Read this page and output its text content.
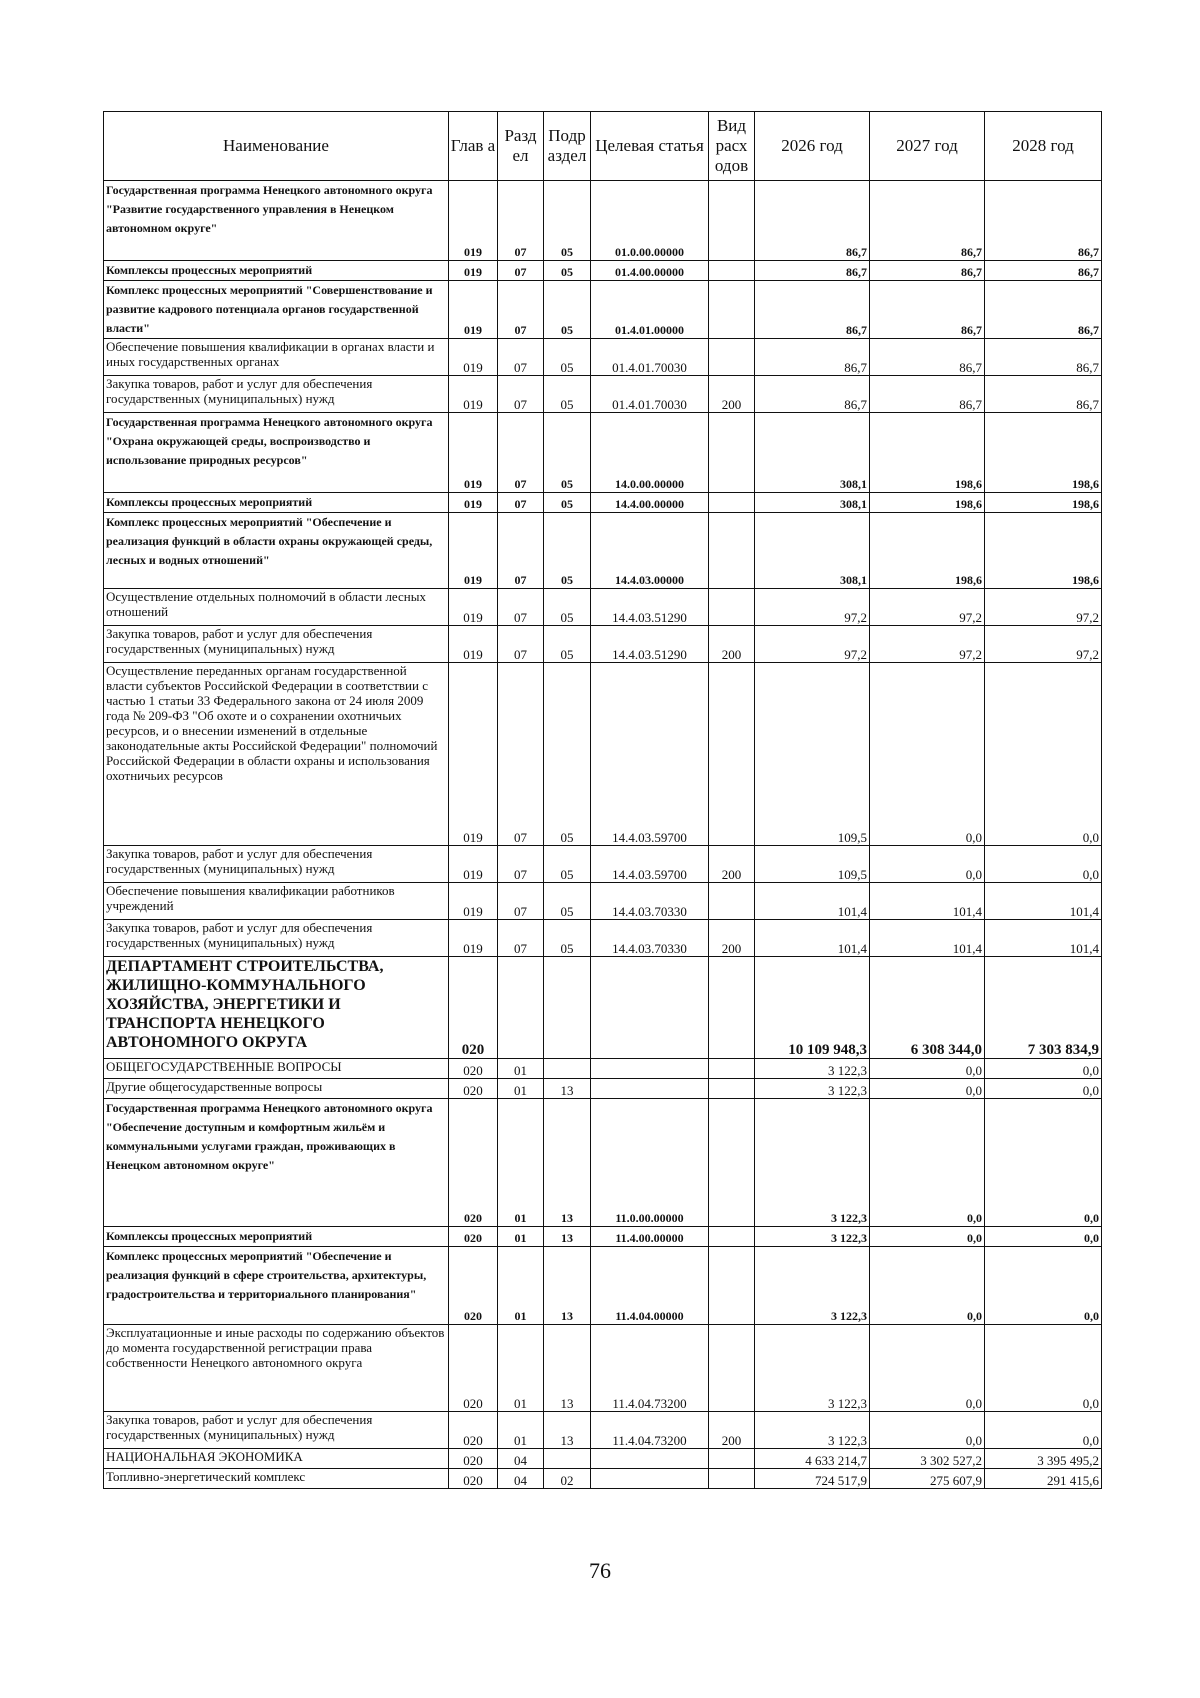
Наименование	Глав а	Разд ел	Подр аздел	Целевая статья	Вид расх одов	2026 год	2027 год	2028 год
Государственная программа Ненецкого автономного округа "Развитие государственного управления в Ненецком автономном округе"	019	07	05	01.0.00.00000		86,7	86,7	86,7
Комплексы процессных мероприятий	019	07	05	01.4.00.00000		86,7	86,7	86,7
Комплекс процессных мероприятий "Совершенствование и развитие кадрового потенциала органов государственной власти"	019	07	05	01.4.01.00000		86,7	86,7	86,7
Обеспечение повышения квалификации в органах власти и иных государственных органах	019	07	05	01.4.01.70030		86,7	86,7	86,7
Закупка товаров, работ и услуг для обеспечения государственных (муниципальных) нужд	019	07	05	01.4.01.70030	200	86,7	86,7	86,7
Государственная программа Ненецкого автономного округа "Охрана окружающей среды, воспроизводство и использование природных ресурсов"	019	07	05	14.0.00.00000		308,1	198,6	198,6
Комплексы процессных мероприятий	019	07	05	14.4.00.00000		308,1	198,6	198,6
Комплекс процессных мероприятий "Обеспечение и реализация функций в области охраны окружающей среды, лесных и водных отношений"	019	07	05	14.4.03.00000		308,1	198,6	198,6
Осуществление отдельных полномочий в области лесных отношений	019	07	05	14.4.03.51290		97,2	97,2	97,2
Закупка товаров, работ и услуг для обеспечения государственных (муниципальных) нужд	019	07	05	14.4.03.51290	200	97,2	97,2	97,2
Осуществление переданных органам государственной власти субъектов Российской Федерации в соответствии с частью 1 статьи 33 Федерального закона от 24 июля 2009 года № 209-ФЗ "Об охоте и о сохранении охотничьих ресурсов, и о внесении изменений в отдельные законодательные акты Российской Федерации" полномочий Российской Федерации в области охраны и использования охотничьих ресурсов	019	07	05	14.4.03.59700		109,5	0,0	0,0
Закупка товаров, работ и услуг для обеспечения государственных (муниципальных) нужд	019	07	05	14.4.03.59700	200	109,5	0,0	0,0
Обеспечение повышения квалификации работников учреждений	019	07	05	14.4.03.70330		101,4	101,4	101,4
Закупка товаров, работ и услуг для обеспечения государственных (муниципальных) нужд	019	07	05	14.4.03.70330	200	101,4	101,4	101,4
ДЕПАРТАМЕНТ СТРОИТЕЛЬСТВА, ЖИЛИЩНО-КОММУНАЛЬНОГО ХОЗЯЙСТВА, ЭНЕРГЕТИКИ И ТРАНСПОРТА НЕНЕЦКОГО АВТОНОМНОГО ОКРУГА	020					10 109 948,3	6 308 344,0	7 303 834,9
ОБЩЕГОСУДАРСТВЕННЫЕ ВОПРОСЫ	020	01				3 122,3	0,0	0,0
Другие общегосударственные вопросы	020	01	13			3 122,3	0,0	0,0
Государственная программа Ненецкого автономного округа "Обеспечение доступным и комфортным жильём и коммунальными услугами граждан, проживающих в Ненецком автономном округе"	020	01	13	11.0.00.00000		3 122,3	0,0	0,0
Комплексы процессных мероприятий	020	01	13	11.4.00.00000		3 122,3	0,0	0,0
Комплекс процессных мероприятий "Обеспечение и реализация функций в сфере строительства, архитектуры, градостроительства и территориального планирования"	020	01	13	11.4.04.00000		3 122,3	0,0	0,0
Эксплуатационные и иные расходы по содержанию объектов до момента государственной регистрации права собственности Ненецкого автономного округа	020	01	13	11.4.04.73200		3 122,3	0,0	0,0
Закупка товаров, работ и услуг для обеспечения государственных (муниципальных) нужд	020	01	13	11.4.04.73200	200	3 122,3	0,0	0,0
НАЦИОНАЛЬНАЯ ЭКОНОМИКА	020	04				4 633 214,7	3 302 527,2	3 395 495,2
Топливно-энергетический комплекс	020	04	02			724 517,9	275 607,9	291 415,6
76
